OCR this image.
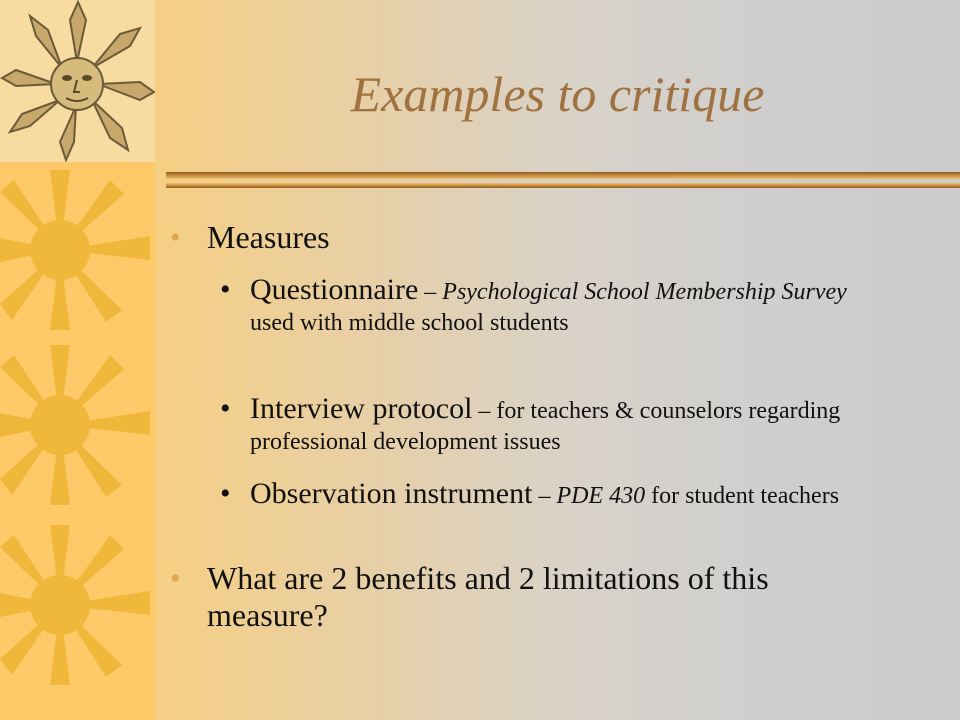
Examples to critique
• Measures
• Questionnaire – Psychological School Membership Survey used with middle school students
• Interview protocol – for teachers & counselors regarding professional development issues
• Observation instrument – PDE 430 for student teachers
• What are 2 benefits and 2 limitations of this measure?
